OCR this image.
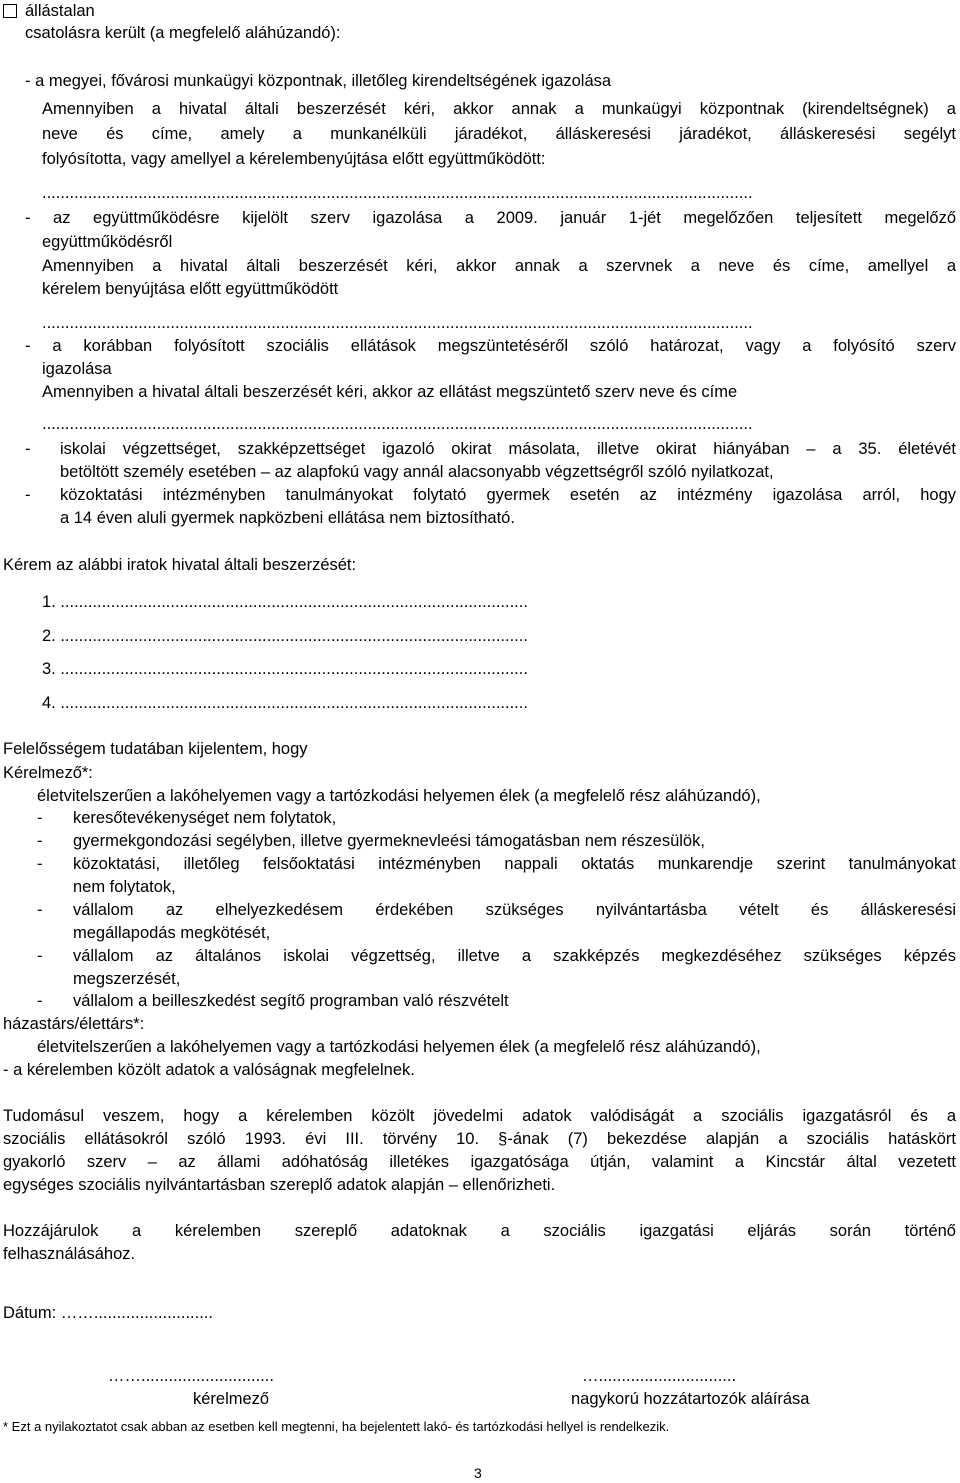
állástalan
csatolásra került (a megfelelő aláhúzandó):
- a megyei, fővárosi munkaügyi központnak, illetőleg kirendeltségének igazolása
Amennyiben a hivatal általi beszerzését kéri, akkor annak a munkaügyi központnak (kirendeltségnek) a
neve és címe, amely a munkanélküli járadékot, álláskeresési járadékot, álláskeresési segélyt
folyósította, vagy amellyel a kérelembenyújtása előtt együttműködött:
...........................................................................................................................................................
- az együttműködésre kijelölt szerv igazolása a 2009. január 1-jét megelőzően teljesített megelőző
együttműködésről
Amennyiben a hivatal általi beszerzését kéri, akkor annak a szervnek a neve és címe, amellyel a
kérelem benyújtása előtt együttműködött
...........................................................................................................................................................
- a korábban folyósított szociális ellátások megszüntetéséről szóló határozat, vagy a folyósító szerv
igazolása
Amennyiben a hivatal általi beszerzését kéri, akkor az ellátást megszüntető szerv neve és címe
...........................................................................................................................................................
- iskolai végzettséget, szakképzettséget igazoló okirat másolata, illetve okirat hiányában – a 35. életévét
betöltött személy esetében – az alapfokú vagy annál alacsonyabb végzettségről szóló nyilatkozat,
- közoktatási intézményben tanulmányokat folytató gyermek esetén az intézmény igazolása arról, hogy
a 14 éven aluli gyermek napközbeni ellátása nem biztosítható.
Kérem az alábbi iratok hivatal általi beszerzését:
1. ......................................................................................................
2. ......................................................................................................
3. ......................................................................................................
4. ......................................................................................................
Felelősségem tudatában kijelentem, hogy
Kérelmező*:
életvitelszerűen a lakóhelyemen vagy a tartózkodási helyemen élek (a megfelelő rész aláhúzandó),
- keresőtevékenységet nem folytatok,
- gyermekgondozási segélyben, illetve gyermeknevleési támogatásban nem részesülök,
- közoktatási, illetőleg felsőoktatási intézményben nappali oktatás munkarendje szerint tanulmányokat
nem folytatok,
- vállalom az elhelyezkedésem érdekében szükséges nyilvántartásba vételt és álláskeresési
megállapodás megkötését,
- vállalom az általános iskolai végzettség, illetve a szakképzés megkezdéséhez szükséges képzés
megszerzését,
- vállalom a beilleszkedést segítő programban való részvételt
házastárs/élettárs*:
életvitelszerűen a lakóhelyemen vagy a tartózkodási helyemen élek (a megfelelő rész aláhúzandó),
- a kérelemben közölt adatok a valóságnak megfelelnek.
Tudomásul veszem, hogy a kérelemben közölt jövedelmi adatok valódiságát a szociális igazgatásról és a
szociális ellátásokról szóló 1993. évi III. törvény 10. §-ának (7) bekezdése alapján a szociális hatáskört
gyakorló szerv – az állami adóhatóság illetékes igazgatósága útján, valamint a Kincstár által vezetett
egységes szociális nyilvántartásban szereplő adatok alapján – ellenőrizheti.
Hozzájárulok a kérelemben szereplő adatoknak a szociális igazgatási eljárás során történő
felhasználásához.
Dátum: ……..........................
…….............................
kérelmező
…..............................
nagykorú hozzátartozók aláírása
* Ezt a nyilakoztatot csak abban az esetben kell megtenni, ha bejelentett lakó- és tartózkodási hellyel is rendelkezik.
3
